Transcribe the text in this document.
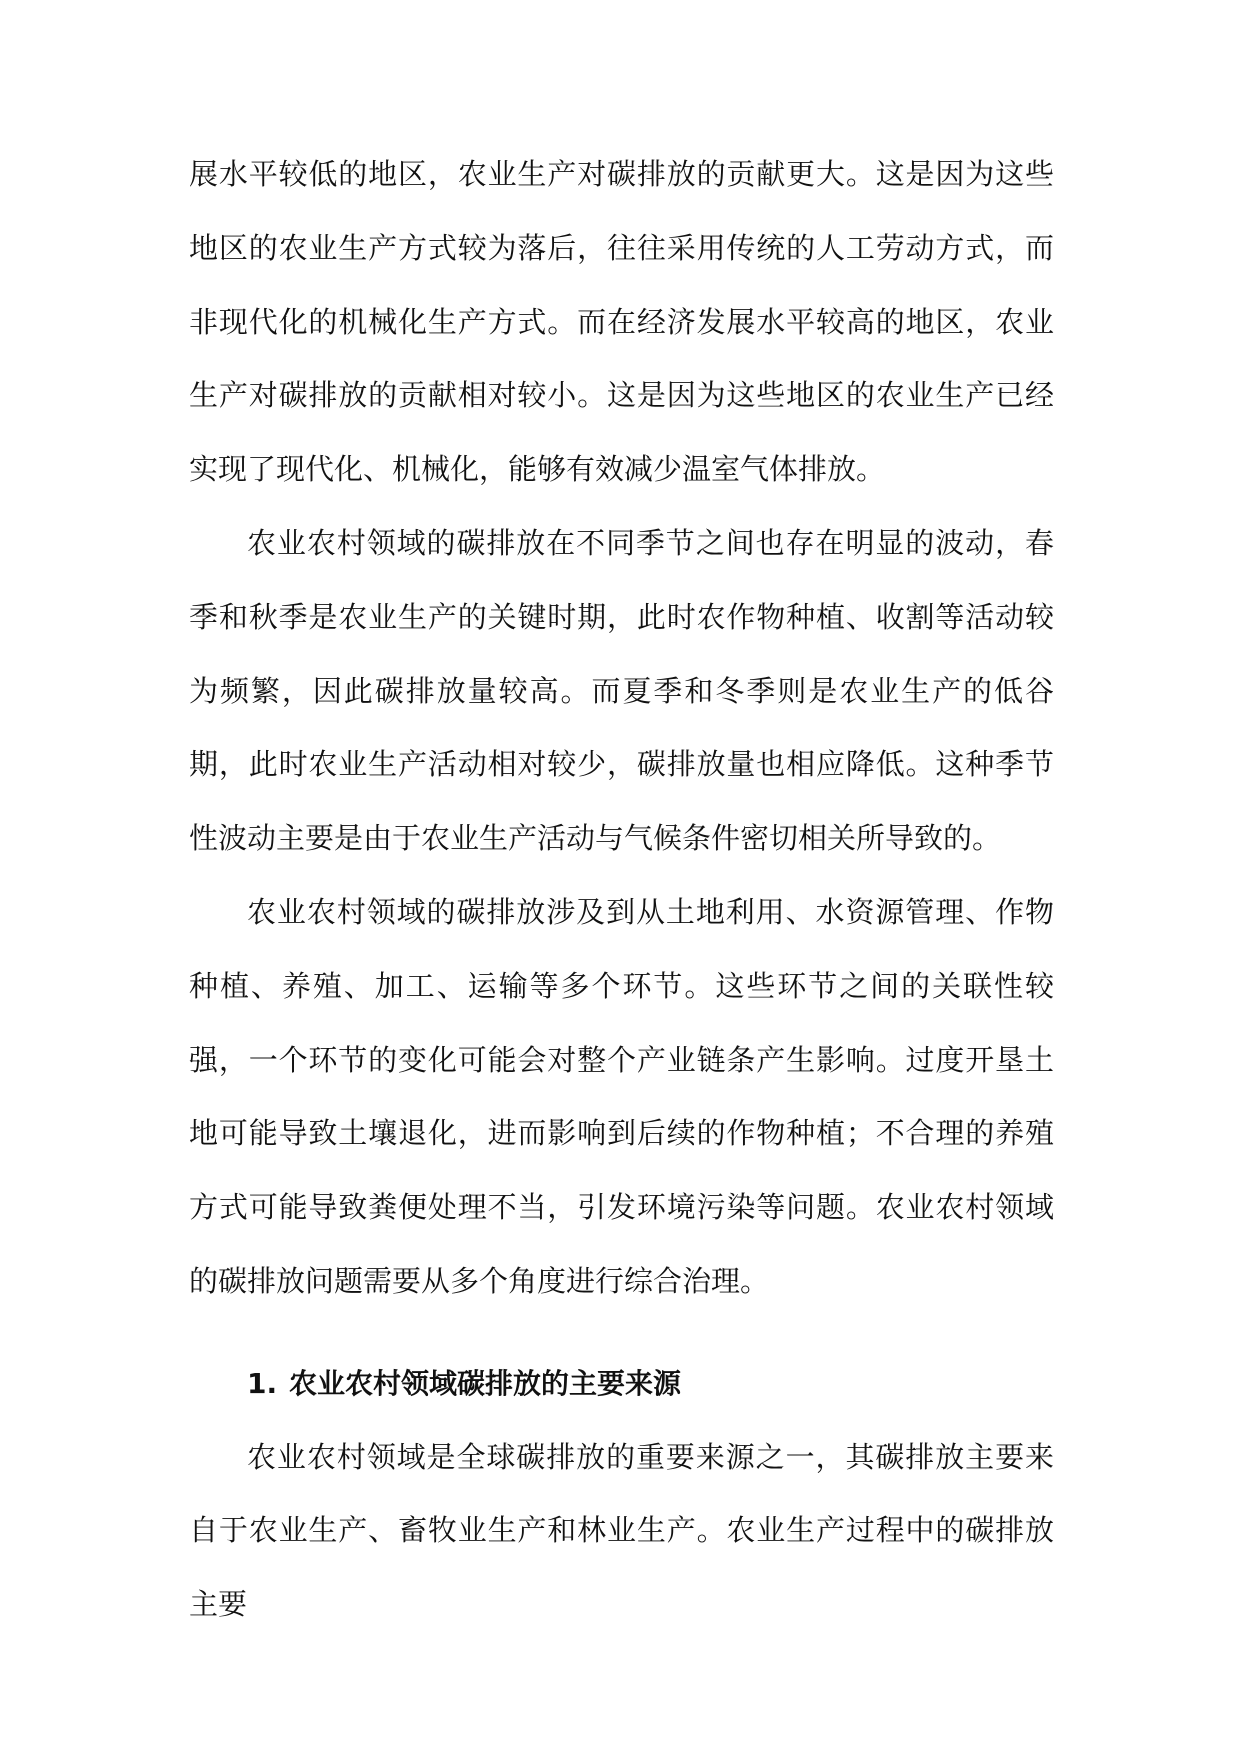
展水平较低的地区，农业生产对碳排放的贡献更大。这是因为这些地区的农业生产方式较为落后，往往采用传统的人工劳动方式，而非现代化的机械化生产方式。而在经济发展水平较高的地区，农业生产对碳排放的贡献相对较小。这是因为这些地区的农业生产已经实现了现代化、机械化，能够有效减少温室气体排放。

农业农村领域的碳排放在不同季节之间也存在明显的波动，春季和秋季是农业生产的关键时期，此时农作物种植、收割等活动较为频繁，因此碳排放量较高。而夏季和冬季则是农业生产的低谷期，此时农业生产活动相对较少，碳排放量也相应降低。这种季节性波动主要是由于农业生产活动与气候条件密切相关所导致的。

农业农村领域的碳排放涉及到从土地利用、水资源管理、作物种植、养殖、加工、运输等多个环节。这些环节之间的关联性较强，一个环节的变化可能会对整个产业链条产生影响。过度开垦土地可能导致土壤退化，进而影响到后续的作物种植；不合理的养殖方式可能导致粪便处理不当，引发环境污染等问题。农业农村领域的碳排放问题需要从多个角度进行综合治理。

1. 农业农村领域碳排放的主要来源

农业农村领域是全球碳排放的重要来源之一，其碳排放主要来自于农业生产、畜牧业生产和林业生产。农业生产过程中的碳排放主要
